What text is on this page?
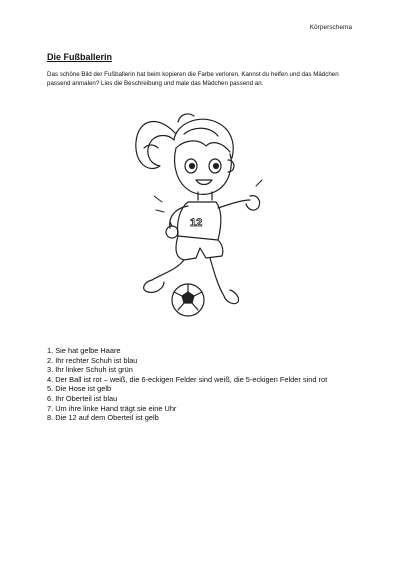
Körperschema
Die Fußballerin

Das schöne Bild der Fußballerin hat beim kopieren die Farbe verloren. Kannst du helfen und das Mädchen passend anmalen? Lies die Beschreibung und male das Mädchen passend an.

12
1. Sie hat gelbe Haare
2. Ihr rechter Schuh ist blau
3. Ihr linker Schuh ist grün
4. Der Ball ist rot – weiß, die 6-eckigen Felder sind weiß, die 5-eckigen Felder sind rot
5. Die Hose ist gelb
6. Ihr Oberteil ist blau
7. Um ihre linke Hand trägt sie eine Uhr
8. Die 12 auf dem Oberteil ist gelb
